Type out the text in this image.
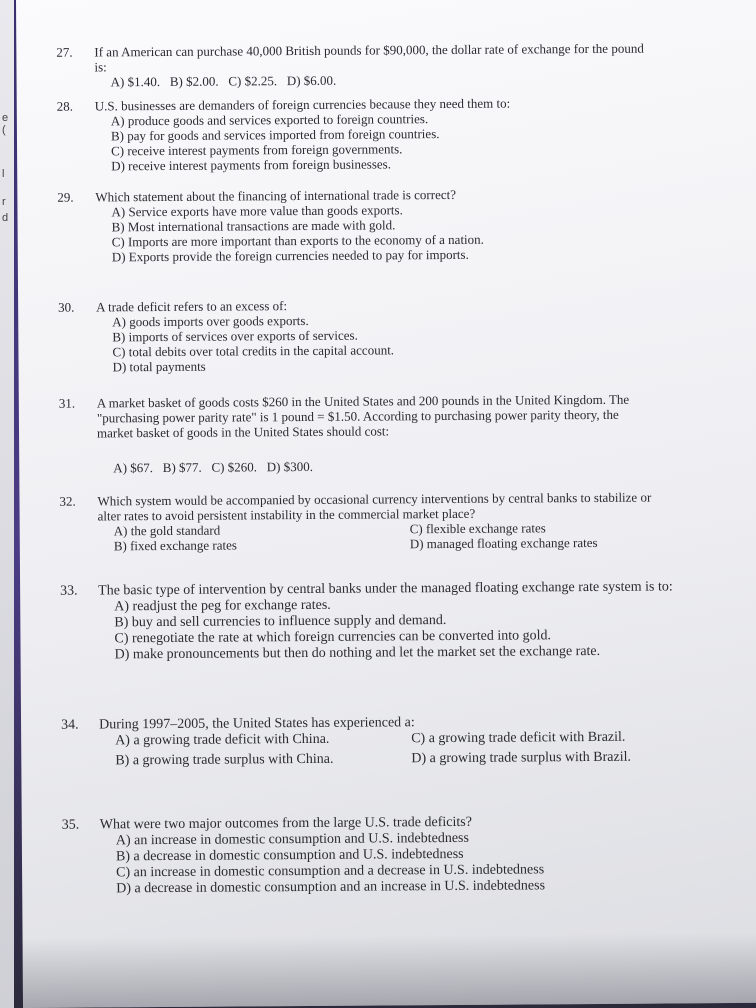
e
(
l
r
d
27. If an American can purchase 40,000 British pounds for $90,000, the dollar rate of exchange for the pound
is:
A) $1.40. B) $2.00. C) $2.25. D) $6.00.
28. U.S. businesses are demanders of foreign currencies because they need them to:
A) produce goods and services exported to foreign countries.
B) pay for goods and services imported from foreign countries.
C) receive interest payments from foreign governments.
D) receive interest payments from foreign businesses.
29. Which statement about the financing of international trade is correct?
A) Service exports have more value than goods exports.
B) Most international transactions are made with gold.
C) Imports are more important than exports to the economy of a nation.
D) Exports provide the foreign currencies needed to pay for imports.
30. A trade deficit refers to an excess of:
A) goods imports over goods exports.
B) imports of services over exports of services.
C) total debits over total credits in the capital account.
D) total payments
31. A market basket of goods costs $260 in the United States and 200 pounds in the United Kingdom. The
"purchasing power parity rate" is 1 pound = $1.50. According to purchasing power parity theory, the
market basket of goods in the United States should cost:
A) $67. B) $77. C) $260. D) $300.
32. Which system would be accompanied by occasional currency interventions by central banks to stabilize or
alter rates to avoid persistent instability in the commercial market place?
A) the gold standard	C) flexible exchange rates
B) fixed exchange rates	D) managed floating exchange rates
33. The basic type of intervention by central banks under the managed floating exchange rate system is to:
A) readjust the peg for exchange rates.
B) buy and sell currencies to influence supply and demand.
C) renegotiate the rate at which foreign currencies can be converted into gold.
D) make pronouncements but then do nothing and let the market set the exchange rate.
34. During 1997–2005, the United States has experienced a:
A) a growing trade deficit with China.	C) a growing trade deficit with Brazil.
B) a growing trade surplus with China.	D) a growing trade surplus with Brazil.
35. What were two major outcomes from the large U.S. trade deficits?
A) an increase in domestic consumption and U.S. indebtedness
B) a decrease in domestic consumption and U.S. indebtedness
C) an increase in domestic consumption and a decrease in U.S. indebtedness
D) a decrease in domestic consumption and an increase in U.S. indebtedness
